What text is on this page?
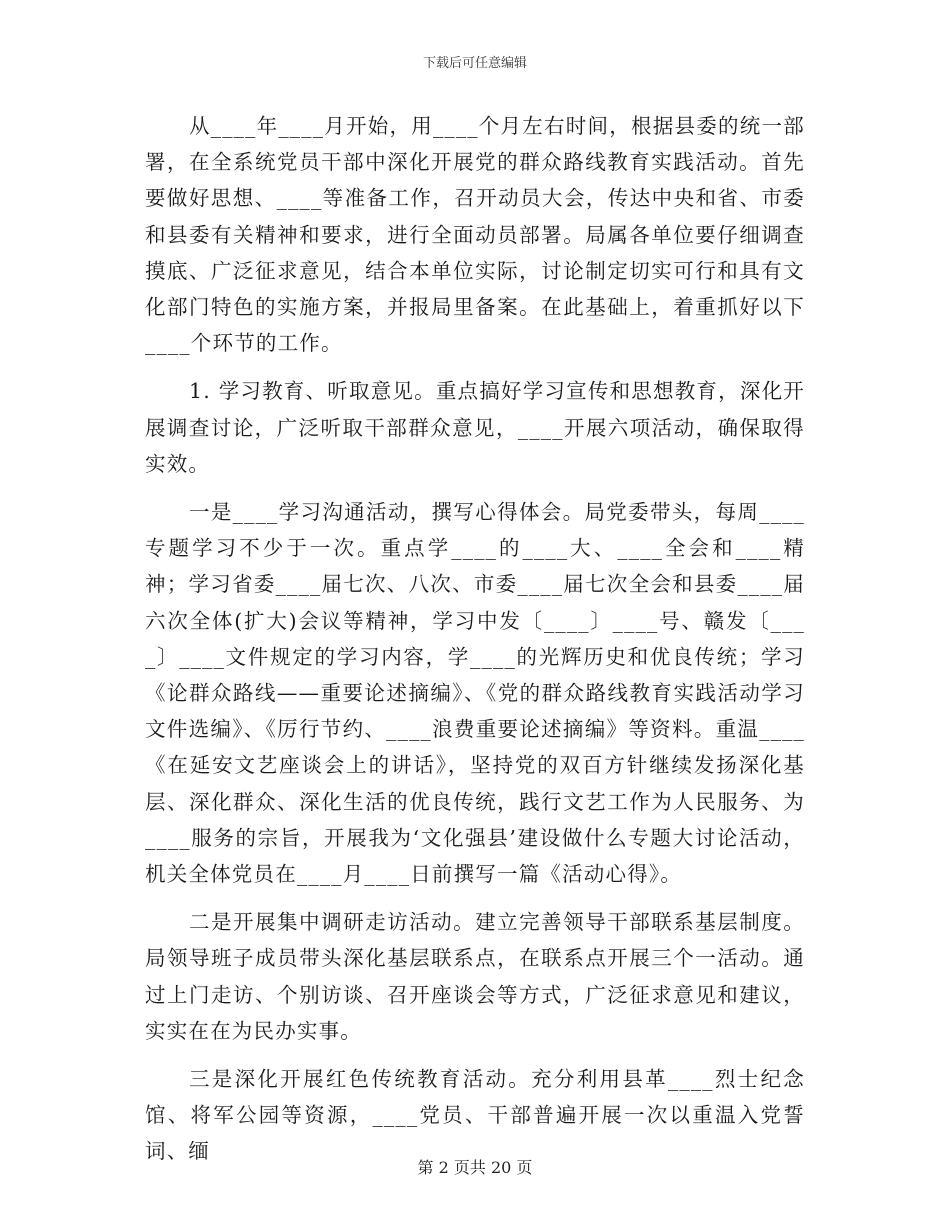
下载后可任意编辑

从____年____月开始，用____个月左右时间，根据县委的统一部署，在全系统党员干部中深化开展党的群众路线教育实践活动。首先要做好思想、____等准备工作，召开动员大会，传达中央和省、市委和县委有关精神和要求，进行全面动员部署。局属各单位要仔细调查摸底、广泛征求意见，结合本单位实际，讨论制定切实可行和具有文化部门特色的实施方案，并报局里备案。在此基础上，着重抓好以下____个环节的工作。

1. 学习教育、听取意见。重点搞好学习宣传和思想教育，深化开展调查讨论，广泛听取干部群众意见，____开展六项活动，确保取得实效。

一是____学习沟通活动，撰写心得体会。局党委带头，每周____专题学习不少于一次。重点学____的____大、____全会和____精神；学习省委____届七次、八次、市委____届七次全会和县委____届六次全体(扩大)会议等精神，学习中发〔____〕____号、赣发〔____〕____文件规定的学习内容，学____的光辉历史和优良传统；学习《论群众路线——重要论述摘编》、《党的群众路线教育实践活动学习文件选编》、《厉行节约、____浪费重要论述摘编》等资料。重温____《在延安文艺座谈会上的讲话》，坚持党的双百方针继续发扬深化基层、深化群众、深化生活的优良传统，践行文艺工作为人民服务、为____服务的宗旨，开展我为‘文化强县’建设做什么专题大讨论活动，机关全体党员在____月____日前撰写一篇《活动心得》。

二是开展集中调研走访活动。建立完善领导干部联系基层制度。局领导班子成员带头深化基层联系点，在联系点开展三个一活动。通过上门走访、个别访谈、召开座谈会等方式，广泛征求意见和建议，实实在在为民办实事。

三是深化开展红色传统教育活动。充分利用县革____烈士纪念馆、将军公园等资源，____党员、干部普遍开展一次以重温入党誓词、缅

第 2 页共 20 页
